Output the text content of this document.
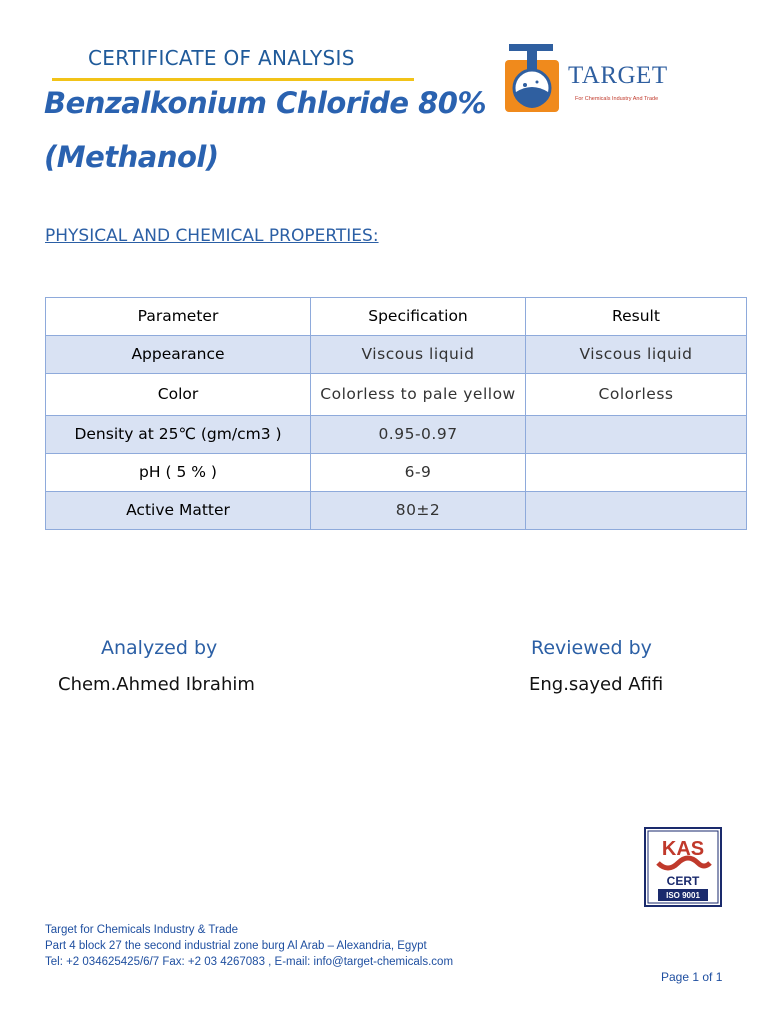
CERTIFICATE OF ANALYSIS
Benzalkonium Chloride 80%
(Methanol)
TARGET
For Chemicals Industry And Trade
PHYSICAL AND CHEMICAL PROPERTIES:
Parameter	Specification	Result
Appearance	Viscous liquid	Viscous liquid
Color	Colorless to pale yellow	Colorless
Density at 25℃ (gm/cm3 )	0.95-0.97	
pH ( 5 % )	6-9	
Active Matter	80±2	
Analyzed by
Chem.Ahmed Ibrahim
Reviewed by
Eng.sayed Afifi
KAS
CERT
ISO 9001
Target for Chemicals Industry & Trade
Part 4 block 27 the second industrial zone burg Al Arab – Alexandria, Egypt
Tel: +2 034625425/6/7 Fax: +2 03 4267083 , E-mail: info@target-chemicals.com
Page 1 of 1
